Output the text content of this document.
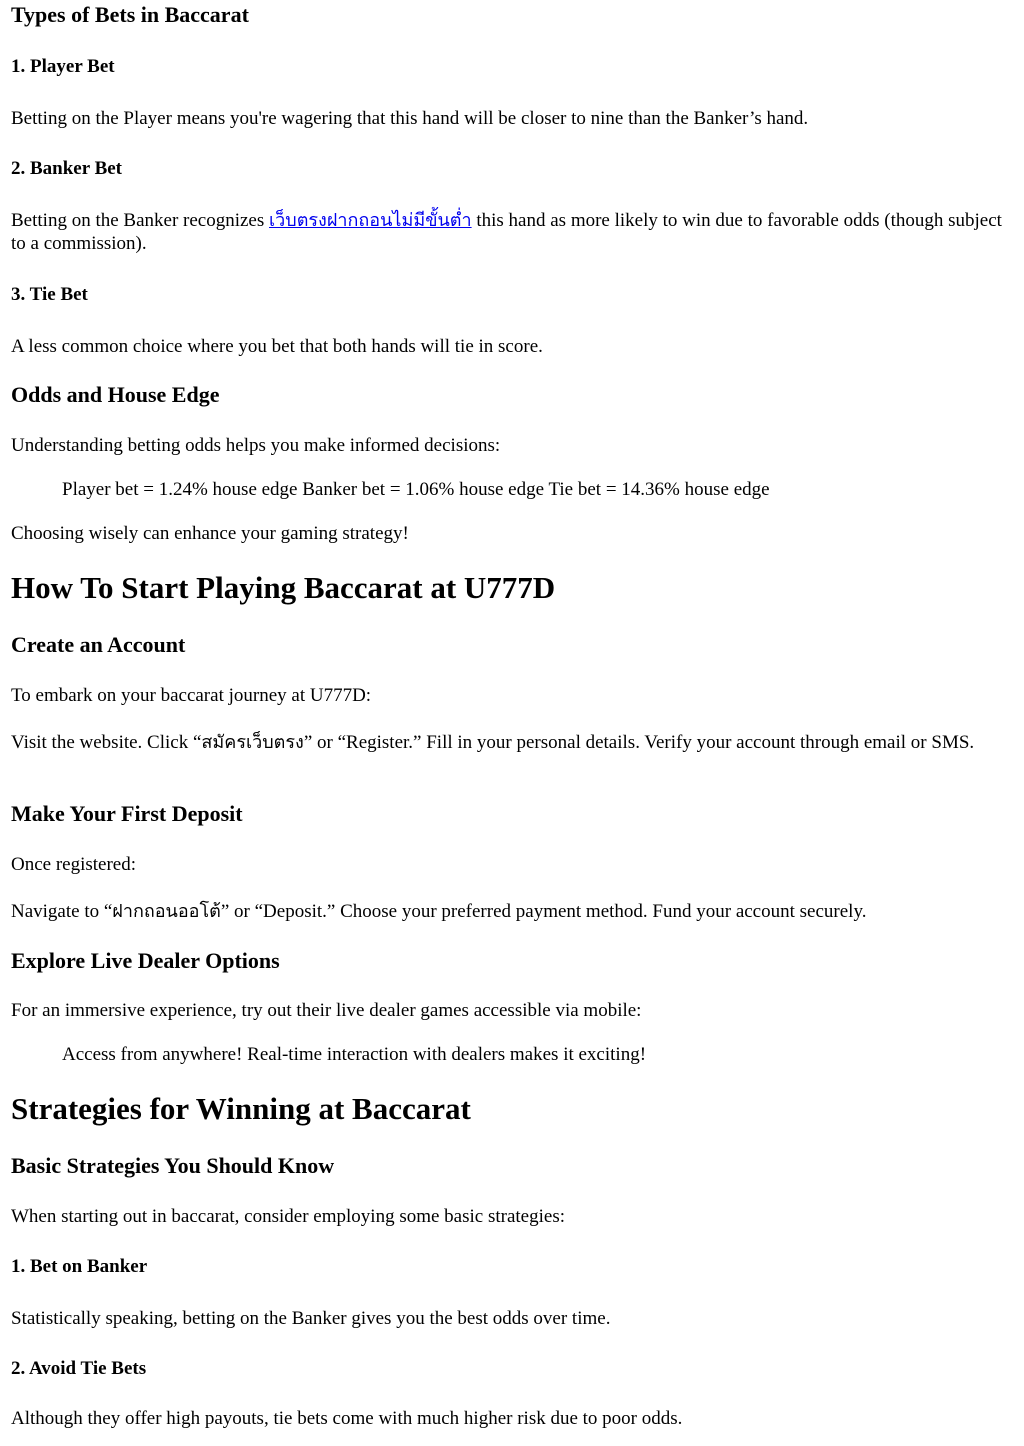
Types of Bets in Baccarat
1. Player Bet

Betting on the Player means you're wagering that this hand will be closer to nine than the Banker’s hand.

2. Banker Bet

Betting on the Banker recognizes เว็บตรงฝากถอนไม่มีขั้นต่ำ this hand as more likely to win due to favorable odds (though subject to a commission).

3. Tie Bet

A less common choice where you bet that both hands will tie in score.

Odds and House Edge

Understanding betting odds helps you make informed decisions:

Player bet = 1.24% house edge Banker bet = 1.06% house edge Tie bet = 14.36% house edge

Choosing wisely can enhance your gaming strategy!

How To Start Playing Baccarat at U777D
Create an Account

To embark on your baccarat journey at U777D:

Visit the website. Click “สมัครเว็บตรง” or “Register.” Fill in your personal details. Verify your account through email or SMS.

Make Your First Deposit

Once registered:

Navigate to “ฝากถอนออโต้” or “Deposit.” Choose your preferred payment method. Fund your account securely.

Explore Live Dealer Options

For an immersive experience, try out their live dealer games accessible via mobile:

Access from anywhere! Real-time interaction with dealers makes it exciting!

Strategies for Winning at Baccarat
Basic Strategies You Should Know

When starting out in baccarat, consider employing some basic strategies:

1. Bet on Banker

Statistically speaking, betting on the Banker gives you the best odds over time.

2. Avoid Tie Bets

Although they offer high payouts, tie bets come with much higher risk due to poor odds.
